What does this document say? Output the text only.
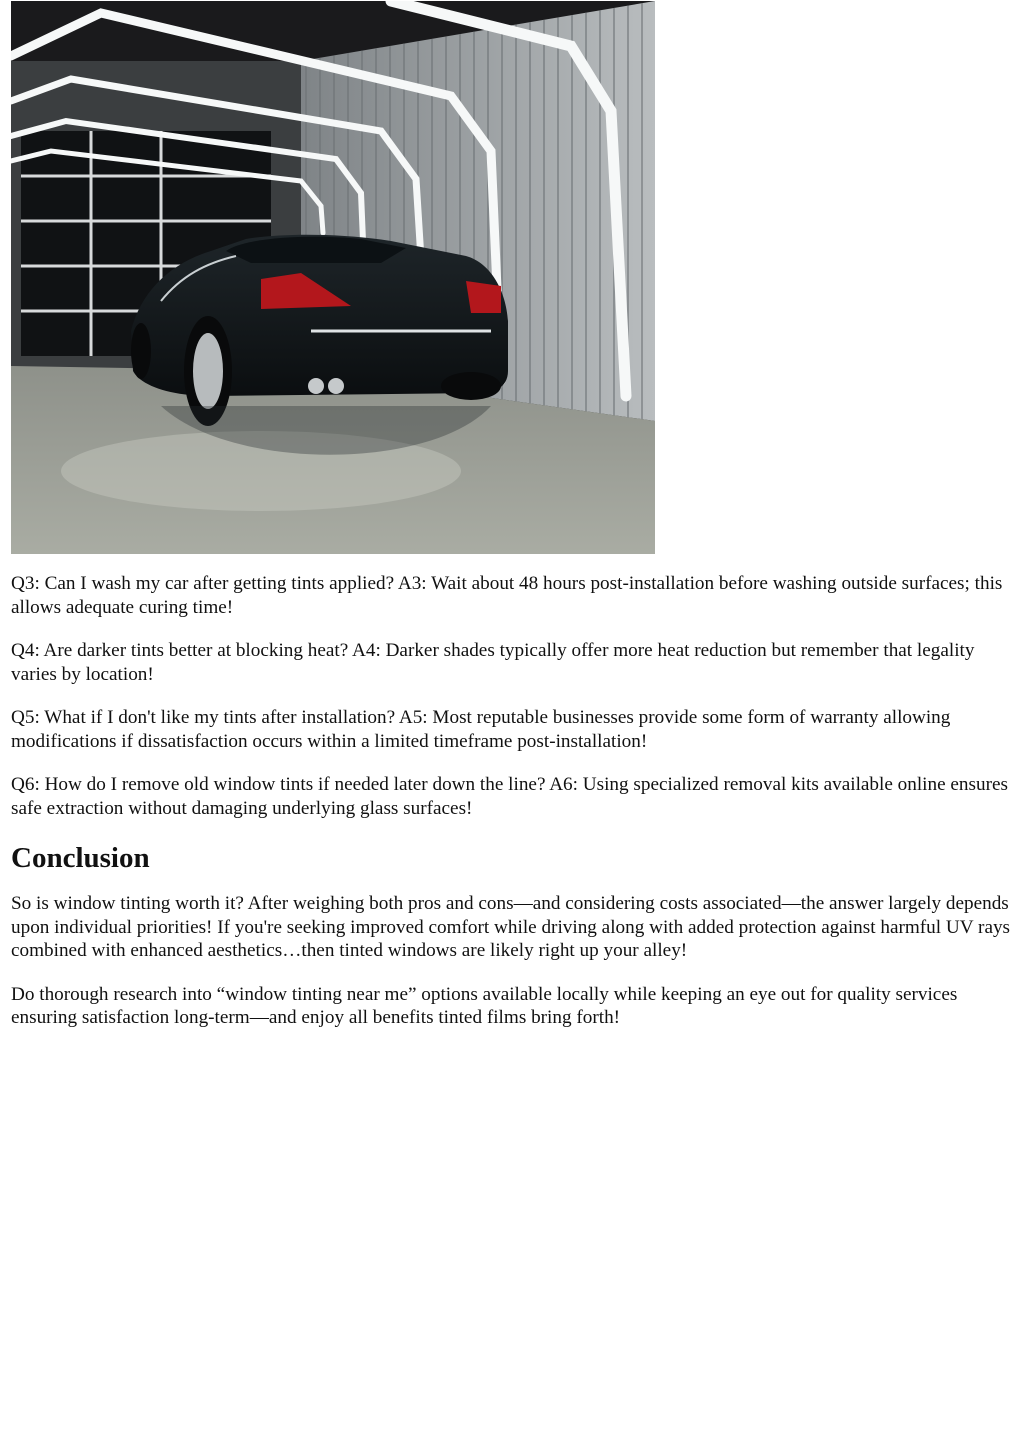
Q3: Can I wash my car after getting tints applied? A3: Wait about 48 hours post-installation before washing outside surfaces; this allows adequate curing time!

Q4: Are darker tints better at blocking heat? A4: Darker shades typically offer more heat reduction but remember that legality varies by location!

Q5: What if I don't like my tints after installation? A5: Most reputable businesses provide some form of warranty allowing modifications if dissatisfaction occurs within a limited timeframe post-installation!

Q6: How do I remove old window tints if needed later down the line? A6: Using specialized removal kits available online ensures safe extraction without damaging underlying glass surfaces!

Conclusion

So is window tinting worth it? After weighing both pros and cons—and considering costs associated—the answer largely depends upon individual priorities! If you're seeking improved comfort while driving along with added protection against harmful UV rays combined with enhanced aesthetics…then tinted windows are likely right up your alley!

Do thorough research into “window tinting near me” options available locally while keeping an eye out for quality services ensuring satisfaction long-term—and enjoy all benefits tinted films bring forth!
